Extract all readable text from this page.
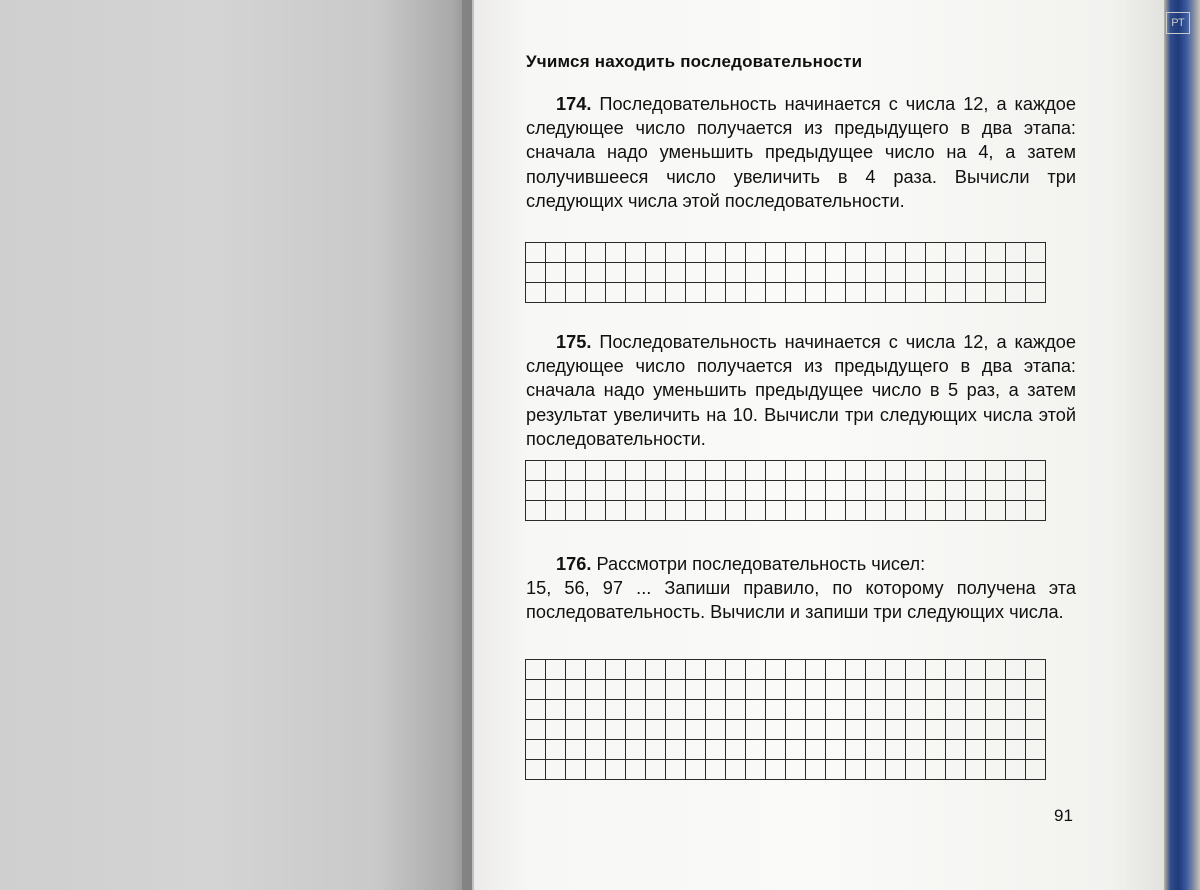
РТ
Учимся находить последовательности

174. Последовательность начинается с числа 12, а каждое следующее число получается из предыдущего в два этапа: сначала надо уменьшить предыдущее число на 4, а затем получившееся число увеличить в 4 раза. Вычисли три следующих числа этой последовательности.

175. Последовательность начинается с числа 12, а каждое следующее число получается из предыдущего в два этапа: сначала надо уменьшить предыдущее число в 5 раз, а затем результат увеличить на 10. Вычисли три следующих числа этой последовательности.

176. Рассмотри последовательность чисел:
15, 56, 97 ... Запиши правило, по которому получена эта последовательность. Вычисли и запиши три следующих числа.

91
